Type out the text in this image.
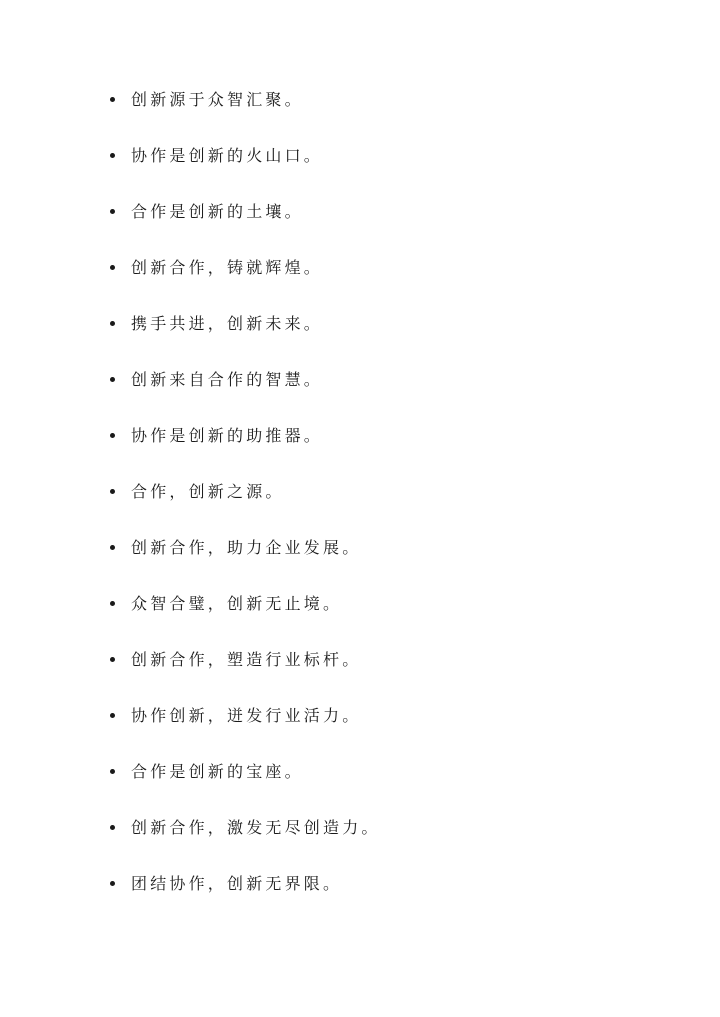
创新源于众智汇聚。
协作是创新的火山口。
合作是创新的土壤。
创新合作，铸就辉煌。
携手共进，创新未来。
创新来自合作的智慧。
协作是创新的助推器。
合作，创新之源。
创新合作，助力企业发展。
众智合璧，创新无止境。
创新合作，塑造行业标杆。
协作创新，迸发行业活力。
合作是创新的宝座。
创新合作，激发无尽创造力。
团结协作，创新无界限。
